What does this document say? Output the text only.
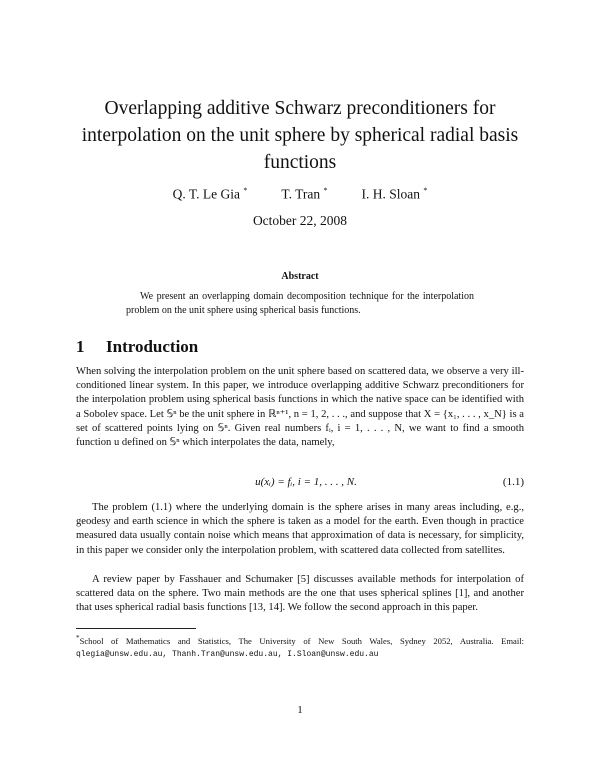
Overlapping additive Schwarz preconditioners for interpolation on the unit sphere by spherical radial basis functions
Q. T. Le Gia *	T. Tran *	I. H. Sloan *
October 22, 2008
Abstract
We present an overlapping domain decomposition technique for the interpolation problem on the unit sphere using spherical basis functions.
1 Introduction
When solving the interpolation problem on the unit sphere based on scattered data, we observe a very ill-conditioned linear system. In this paper, we introduce overlapping additive Schwarz preconditioners for the interpolation problem using spherical basis functions in which the native space can be identified with a Sobolev space. Let 𝕊ⁿ be the unit sphere in ℝⁿ⁺¹, n = 1, 2, . . ., and suppose that X = {x₁, . . . , x_N} is a set of scattered points lying on 𝕊ⁿ. Given real numbers fᵢ, i = 1, . . . , N, we want to find a smooth function u defined on 𝕊ⁿ which interpolates the data, namely,
u(xᵢ) = fᵢ, i = 1, . . . , N.	(1.1)
The problem (1.1) where the underlying domain is the sphere arises in many areas including, e.g., geodesy and earth science in which the sphere is taken as a model for the earth. Even though in practice measured data usually contain noise which means that approximation of data is necessary, for simplicity, in this paper we consider only the interpolation problem, with scattered data collected from satellites.
A review paper by Fasshauer and Schumaker [5] discusses available methods for interpolation of scattered data on the sphere. Two main methods are the one that uses spherical splines [1], and another that uses spherical radial basis functions [13, 14]. We follow the second approach in this paper.
*School of Mathematics and Statistics, The University of New South Wales, Sydney 2052, Australia. Email: qlegia@unsw.edu.au, Thanh.Tran@unsw.edu.au, I.Sloan@unsw.edu.au
1
